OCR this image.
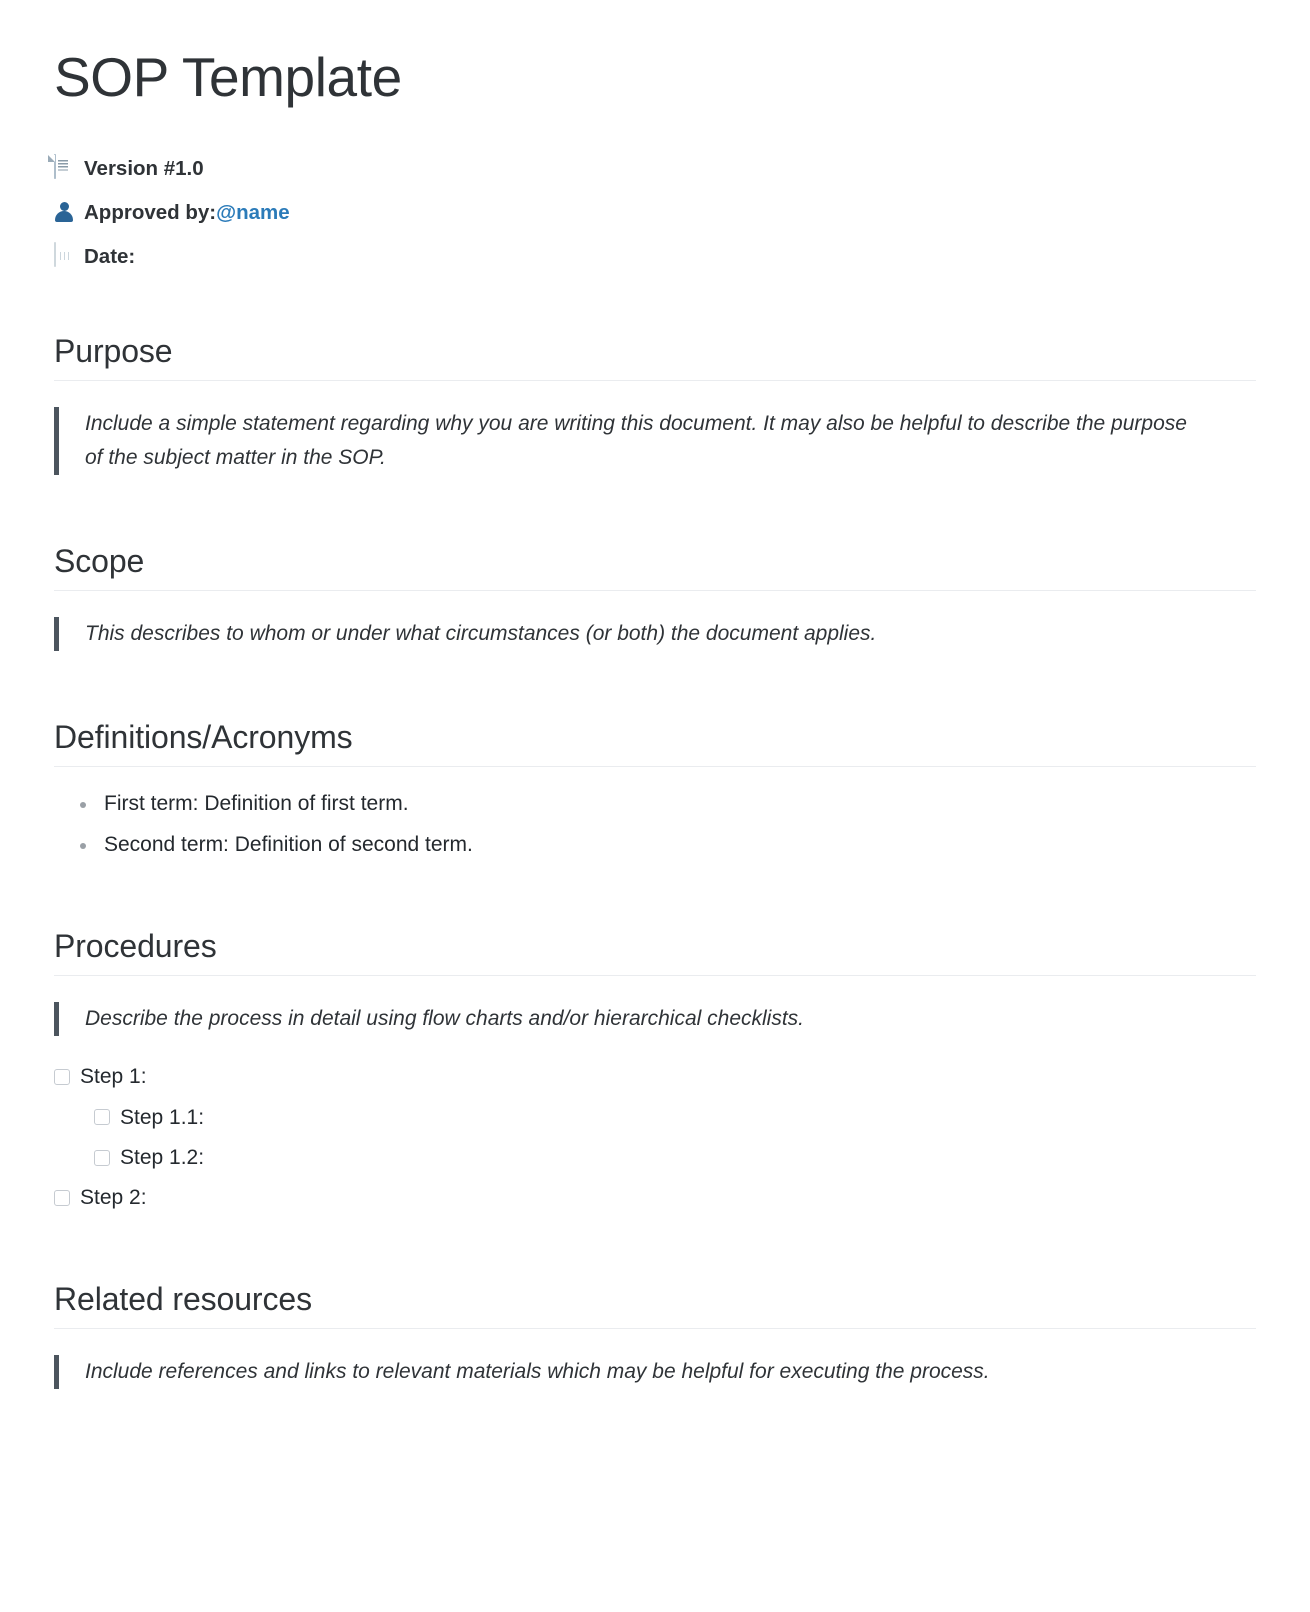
SOP Template
Version #1.0
Approved by: @name
Date:
Purpose

Include a simple statement regarding why you are writing this document. It may also be helpful to describe the purpose of the subject matter in the SOP.

Scope

This describes to whom or under what circumstances (or both) the document applies.

Definitions/Acronyms
First term: Definition of first term.
Second term: Definition of second term.
Procedures

Describe the process in detail using flow charts and/or hierarchical checklists.

Step 1:
Step 1.1:
Step 1.2:
Step 2:
Related resources

Include references and links to relevant materials which may be helpful for executing the process.
